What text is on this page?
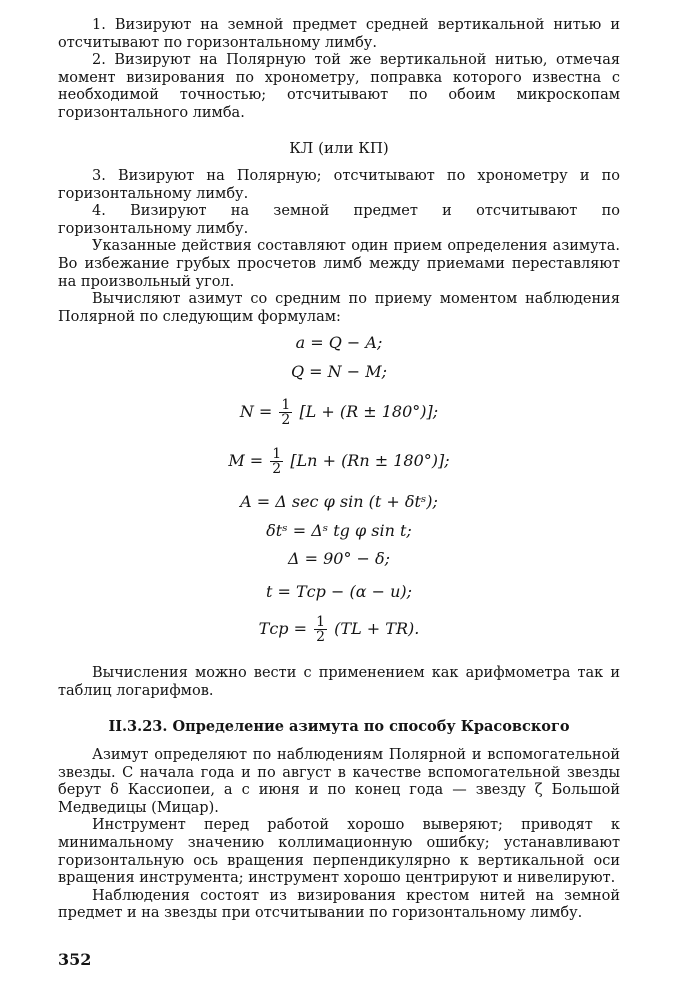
1. Визируют на земной предмет средней вертикальной нитью и отсчитывают по горизонтальному лимбу.

2. Визируют на Полярную той же вертикальной нитью, отмечая момент визирования по хронометру, поправка которого известна с необходимой точностью; отсчитывают по обоим микроскопам горизонтального лимба.

КЛ (или КП)

3. Визируют на Полярную; отсчитывают по хронометру и по горизонтальному лимбу.

4. Визируют на земной предмет и отсчитывают по горизонтальному лимбу.

Указанные действия составляют один прием определения азимута. Во избежание грубых просчетов лимб между приемами переставляют на произвольный угол.

Вычисляют азимут со средним по приему моментом наблюдения Полярной по следующим формулам:

a = Q − A;
Q = N − M;
$N = \frac{1}{2} [L + (R \pm 180^\circ)]$;
$M = \frac{1}{2} [Lп + (Rп \pm 180^\circ)]$;
A = Δ sec φ sin (t + δtˢ);
δtˢ = Δˢ tg φ sin t;
Δ = 90° − δ;
t = Tср − (α − u);
Tср = $\frac{1}{2} (TL + TR)$.

Вычисления можно вести с применением как арифмометра так и таблиц логарифмов.

II.3.23. Определение азимута по способу Красовского

Азимут определяют по наблюдениям Полярной и вспомогательной звезды. С начала года и по август в качестве вспомогательной звезды берут δ Кассиопеи, а с июня и по конец года — звезду ζ Большой Медведицы (Мицар).

Инструмент перед работой хорошо выверяют; приводят к минимальному значению коллимационную ошибку; устанавливают горизонтальную ось вращения перпендикулярно к вертикальной оси вращения инструмента; инструмент хорошо центрируют и нивелируют.

Наблюдения состоят из визирования крестом нитей на земной предмет и на звезды при отсчитывании по горизонтальному лимбу.

352
